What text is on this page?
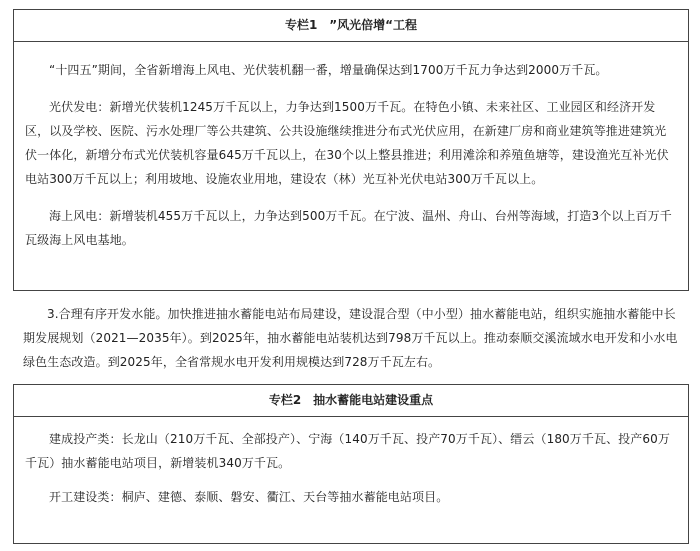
专栏1　”风光倍增“工程

“十四五”期间，全省新增海上风电、光伏装机翻一番，增量确保达到1700万千瓦力争达到2000万千瓦。

光伏发电：新增光伏装机1245万千瓦以上，力争达到1500万千瓦。在特色小镇、未来社区、工业园区和经济开发区，以及学校、医院、污水处理厂等公共建筑、公共设施继续推进分布式光伏应用，在新建厂房和商业建筑等推进建筑光伏一体化，新增分布式光伏装机容量645万千瓦以上，在30个以上整县推进；利用滩涂和养殖鱼塘等，建设渔光互补光伏电站300万千瓦以上；利用坡地、设施农业用地，建设农（林）光互补光伏电站300万千瓦以上。

海上风电：新增装机455万千瓦以上，力争达到500万千瓦。在宁波、温州、舟山、台州等海域，打造3个以上百万千瓦级海上风电基地。

3.合理有序开发水能。加快推进抽水蓄能电站布局建设，建设混合型（中小型）抽水蓄能电站，组织实施抽水蓄能中长期发展规划（2021—2035年）。到2025年，抽水蓄能电站装机达到798万千瓦以上。推动泰顺交溪流域水电开发和小水电绿色生态改造。到2025年，全省常规水电开发利用规模达到728万千瓦左右。

专栏2　抽水蓄能电站建设重点

建成投产类：长龙山（210万千瓦、全部投产）、宁海（140万千瓦、投产70万千瓦）、缙云（180万千瓦、投产60万千瓦）抽水蓄能电站项目，新增装机340万千瓦。

开工建设类：桐庐、建德、泰顺、磐安、衢江、天台等抽水蓄能电站项目。
